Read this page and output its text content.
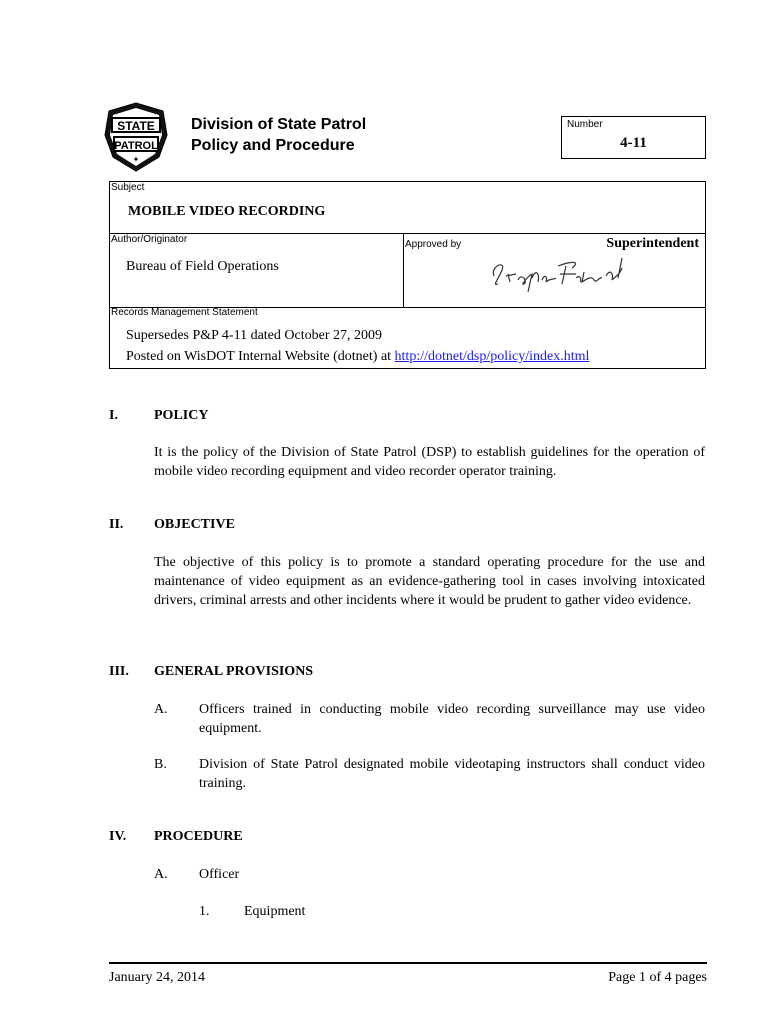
STATE
PATROL
✦
Division of State Patrol
Policy and Procedure
Number
4-11
Subject
MOBILE VIDEO RECORDING
Author/Originator
Bureau of Field Operations
Approved by	Superintendent
Records Management Statement
Supersedes P&P 4-11 dated October 27, 2009
Posted on WisDOT Internal Website (dotnet) at http://dotnet/dsp/policy/index.html
I.	POLICY
It is the policy of the Division of State Patrol (DSP) to establish guidelines for the operation of mobile video recording equipment and video recorder operator training.
II. OBJECTIVE
The objective of this policy is to promote a standard operating procedure for the use and maintenance of video equipment as an evidence-gathering tool in cases involving intoxicated drivers, criminal arrests and other incidents where it would be prudent to gather video evidence.
III. GENERAL PROVISIONS
A. Officers trained in conducting mobile video recording surveillance may use video equipment.
B. Division of State Patrol designated mobile videotaping instructors shall conduct video training.
IV. PROCEDURE
A. Officer
1. Equipment
January 24, 2014	Page 1 of 4 pages
